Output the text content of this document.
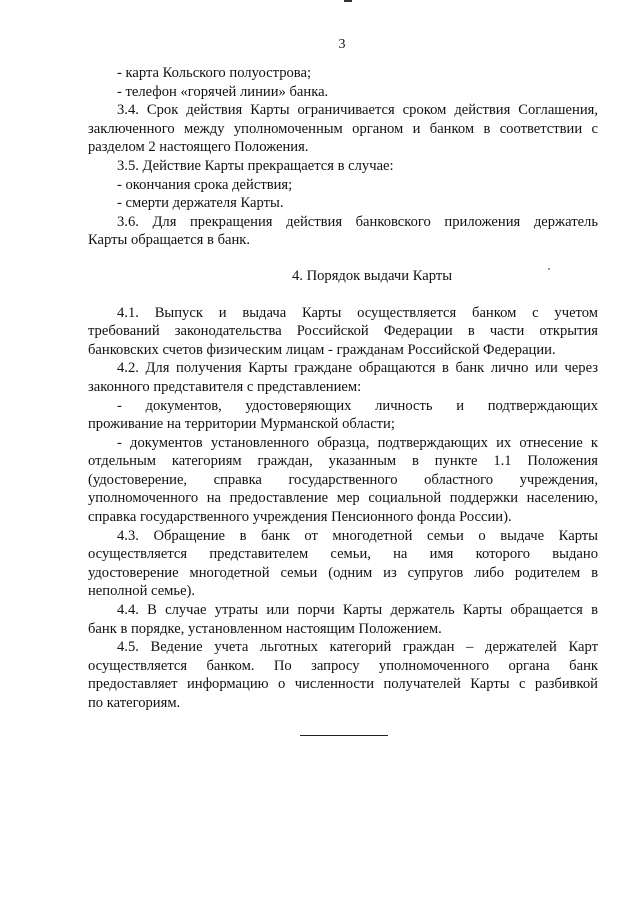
3
- карта Кольского полуострова;
- телефон «горячей линии» банка.
3.4. Срок действия Карты ограничивается сроком действия Соглашения,
заключенного между уполномоченным органом и банком в соответствии с
разделом 2 настоящего Положения.
3.5. Действие Карты прекращается в случае:
- окончания срока действия;
- смерти держателя Карты.
3.6. Для прекращения действия банковского приложения держатель
Карты обращается в банк.
4. Порядок выдачи Карты
4.1. Выпуск и выдача Карты осуществляется банком с учетом
требований законодательства Российской Федерации в части открытия
банковских счетов физическим лицам - гражданам Российской Федерации.
4.2. Для получения Карты граждане обращаются в банк лично или через
законного представителя с представлением:
- документов, удостоверяющих личность и подтверждающих
проживание на территории Мурманской области;
- документов установленного образца, подтверждающих их отнесение к
отдельным категориям граждан, указанным в пункте 1.1 Положения
(удостоверение, справка государственного областного учреждения,
уполномоченного на предоставление мер социальной поддержки населению,
справка государственного учреждения Пенсионного фонда России).
4.3. Обращение в банк от многодетной семьи о выдаче Карты
осуществляется представителем семьи, на имя которого выдано
удостоверение многодетной семьи (одним из супругов либо родителем в
неполной семье).
4.4. В случае утраты или порчи Карты держатель Карты обращается в
банк в порядке, установленном настоящим Положением.
4.5. Ведение учета льготных категорий граждан – держателей Карт
осуществляется банком. По запросу уполномоченного органа банк
предоставляет информацию о численности получателей Карты с разбивкой
по категориям.
